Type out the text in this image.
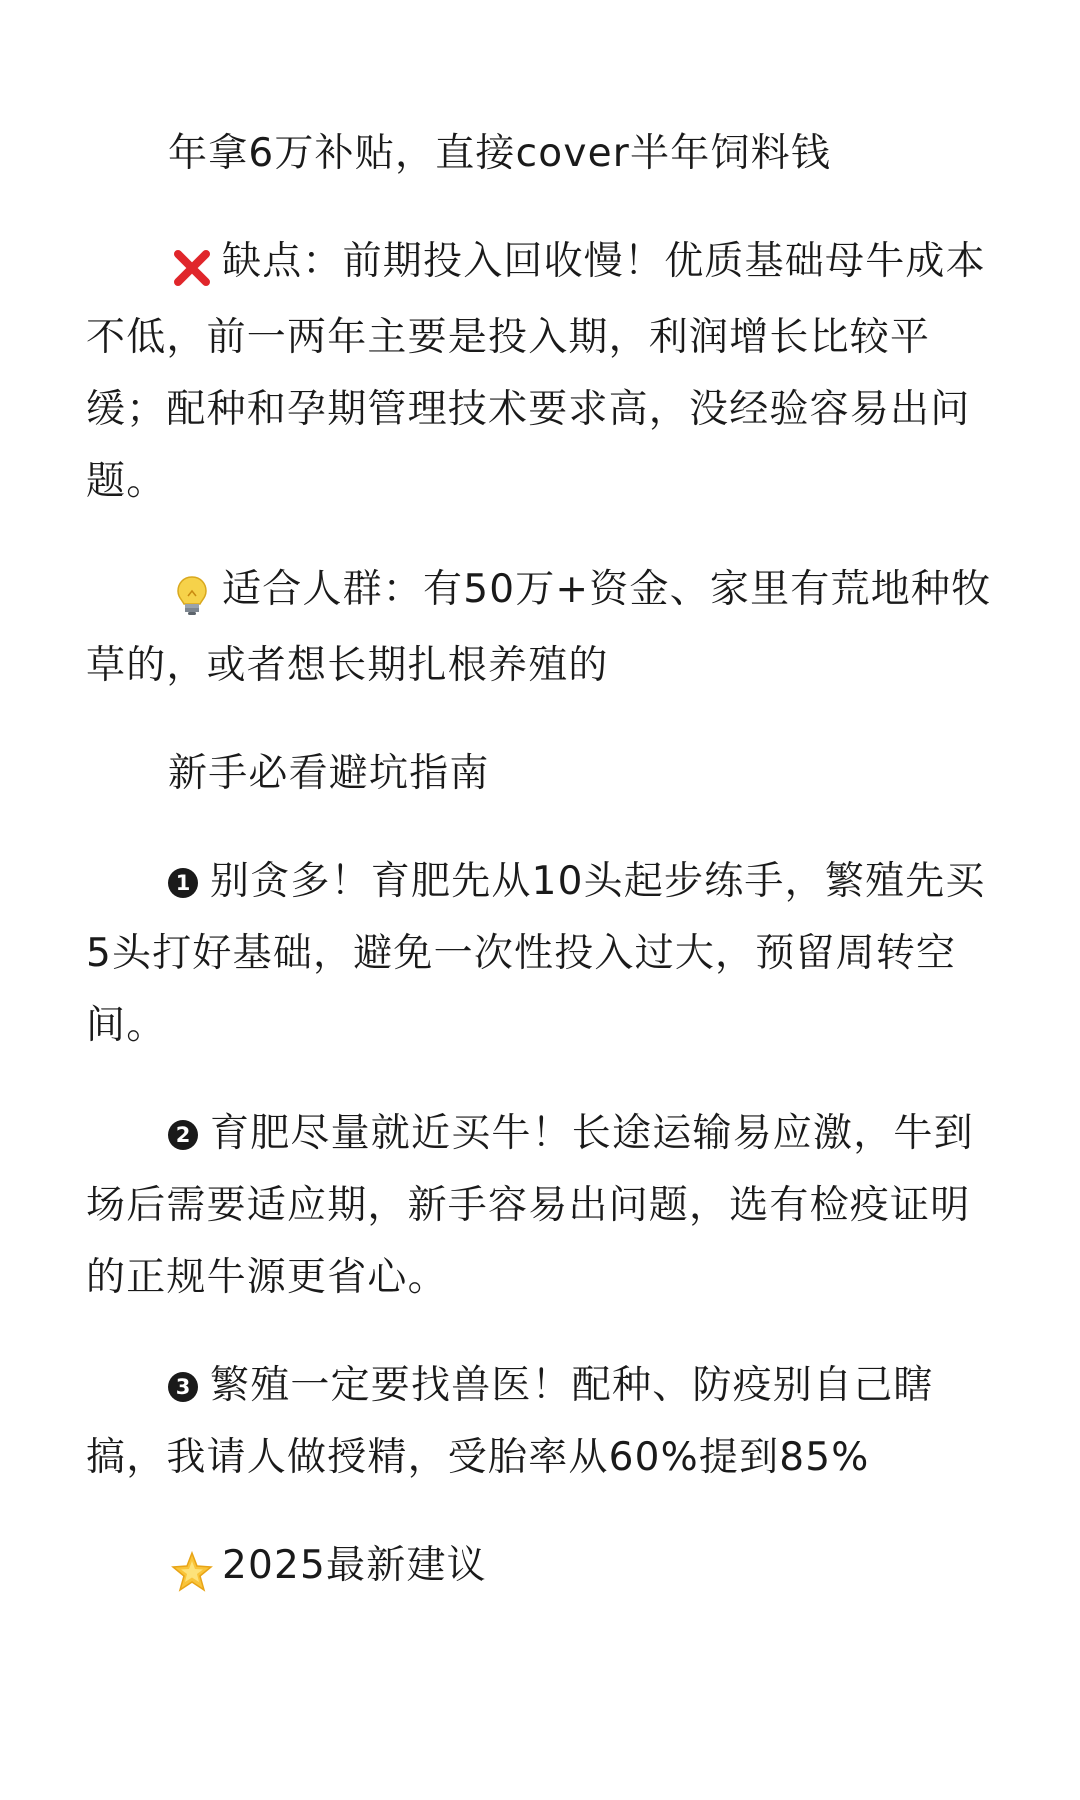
年拿6万补贴，直接cover半年饲料钱

缺点：前期投入回收慢！优质基础母牛成本不低，前一两年主要是投入期，利润增长比较平缓；配种和孕期管理技术要求高，没经验容易出问题。

适合人群：有50万+资金、家里有荒地种牧草的，或者想长期扎根养殖的

新手必看避坑指南

1 别贪多！育肥先从10头起步练手，繁殖先买5头打好基础，避免一次性投入过大，预留周转空间。

2 育肥尽量就近买牛！长途运输易应激，牛到场后需要适应期，新手容易出问题，选有检疫证明的正规牛源更省心。

3 繁殖一定要找兽医！配种、防疫别自己瞎搞，我请人做授精，受胎率从60%提到85%

2025最新建议
